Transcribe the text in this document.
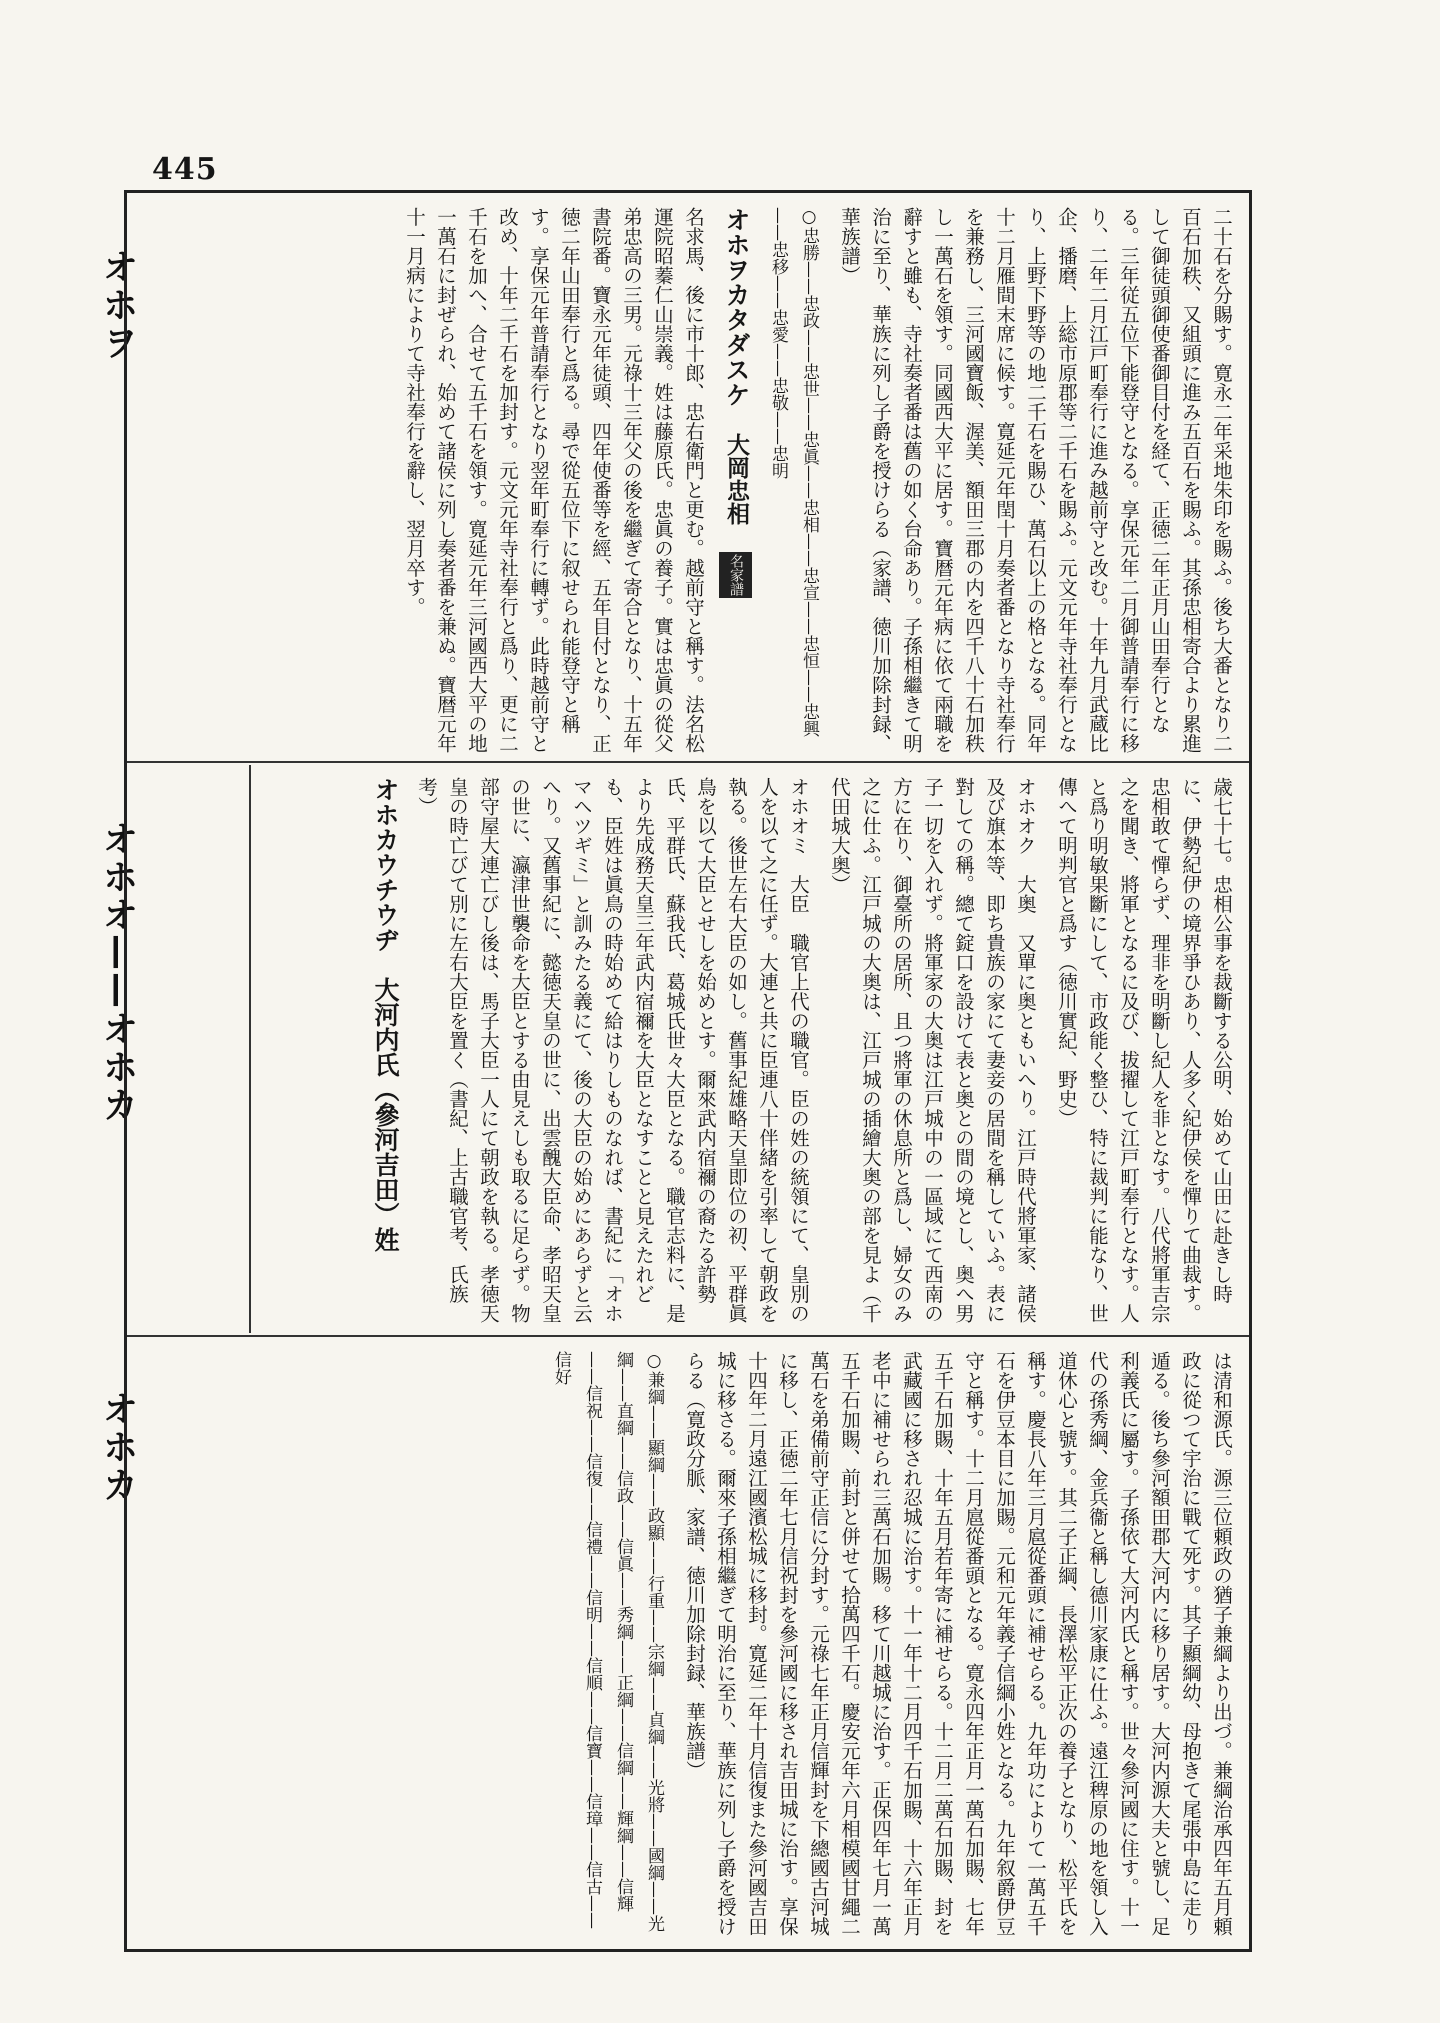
445
オホヲ
オホオ——オホカ
オホカ

二十石を分賜す。寛永二年采地朱印を賜ふ。後ち大番となり二百石加秩、又組頭に進み五百石を賜ふ。其孫忠相寄合より累進して御徒頭御使番御目付を経て、正徳二年正月山田奉行となる。三年従五位下能登守となる。享保元年二月御普請奉行に移り、二年二月江戸町奉行に進み越前守と改む。十年九月武蔵比企、播磨、上総市原郡等二千石を賜ふ。元文元年寺社奉行となり、上野下野等の地二千石を賜ひ、萬石以上の格となる。同年十二月雁間末席に候す。寛延元年閏十月奏者番となり寺社奉行を兼務し、三河國寶飯、渥美、額田三郡の内を四千八十石加秩し一萬石を領す。同國西大平に居す。寶暦元年病に依て兩職を辭すと雖も、寺社奏者番は舊の如く台命あり。子孫相繼きて明治に至り、華族に列し子爵を授けらる（家譜、徳川加除封録、華族譜）

○忠勝——忠政——忠世——忠眞——忠相——忠宣——忠恒——忠興——忠移——忠愛——忠敬——忠明

オホヲカタダスケ　 大岡忠相　 名家譜

名求馬、後に市十郎、忠右衛門と更む。越前守と稱す。法名松運院昭蓁仁山崇義。姓は藤原氏。忠眞の養子。實は忠眞の從父弟忠高の三男。元祿十三年父の後を繼ぎて寄合となり、十五年書院番。寶永元年徒頭、四年使番等を經、五年目付となり、正徳二年山田奉行と爲る。尋で從五位下に叙せられ能登守と稱す。享保元年普請奉行となり翌年町奉行に轉ず。此時越前守と改め、十年二千石を加封す。元文元年寺社奉行と爲り、更に二千石を加へ、合せて五千石を領す。寛延元年三河國西大平の地一萬石に封ぜられ、始めて諸侯に列し奏者番を兼ぬ。寶暦元年十一月病によりて寺社奉行を辭し、翌月卒す。

歳七十七。忠相公事を裁斷する公明、始めて山田に赴きし時に、伊勢紀伊の境界爭ひあり、人多く紀伊侯を憚りて曲裁す。忠相敢て憚らず、理非を明斷し紀人を非となす。八代將軍吉宗之を聞き、將軍となるに及び、拔擢して江戸町奉行となす。人と爲り明敏果斷にして、市政能く整ひ、特に裁判に能なり、世傳へて明判官と爲す（徳川實紀、野史）

オホオク　大奥　又單に奥ともいへり。江戸時代將軍家、諸侯及び旗本等、即ち貴族の家にて妻妾の居間を稱していふ。表に對しての稱。總て錠口を設けて表と奥との間の境とし、奥へ男子一切を入れず。將軍家の大奥は江戸城中の一區域にて西南の方に在り、御臺所の居所、且つ將軍の休息所と爲し、婦女のみ之に仕ふ。江戸城の大奥は、江戸城の插繪大奥の部を見よ（千代田城大奥）

オホオミ　大臣　職官上代の職官。臣の姓の統領にて、皇別の人を以て之に任ず。大連と共に臣連八十伴緒を引率して朝政を執る。後世左右大臣の如し。舊事紀雄略天皇即位の初、平群眞鳥を以て大臣とせしを始めとす。爾來武内宿禰の裔たる許勢氏、平群氏、蘇我氏、葛城氏世々大臣となる。職官志料に、是より先成務天皇三年武内宿禰を大臣となすことと見えたれども、臣姓は眞鳥の時始めて給はりしものなれば、書紀に「オホマヘツギミ」と訓みたる義にて、後の大臣の始めにあらずと云へり。又舊事紀に、懿徳天皇の世に、出雲醜大臣命、孝昭天皇の世に、瀛津世襲命を大臣とする由見えしも取るに足らず。物部守屋大連亡びし後は、馬子大臣一人にて朝政を執る。孝徳天皇の時亡びて別に左右大臣を置く（書紀、上古職官考、氏族考）

オホカウチウヂ　大河内氏（參河吉田）姓

は清和源氏。源三位頼政の猶子兼綱より出づ。兼綱治承四年五月頼政に從つて宇治に戰て死す。其子顯綱幼、母抱きて尾張中島に走り遁る。後ち參河額田郡大河内に移り居す。大河内源大夫と號し、足利義氏に屬す。子孫依て大河内氏と稱す。世々參河國に住す。十一代の孫秀綱、金兵衞と稱し德川家康に仕ふ。遠江稗原の地を領し入道休心と號す。其二子正綱、長澤松平正次の養子となり、松平氏を稱す。慶長八年三月扈從番頭に補せらる。九年功によりて一萬五千石を伊豆本目に加賜。元和元年義子信綱小姓となる。九年叙爵伊豆守と稱す。十二月扈從番頭となる。寛永四年正月一萬石加賜、七年五千石加賜、十年五月若年寄に補せらる。十二月二萬石加賜、封を武藏國に移され忍城に治す。十一年十二月四千石加賜、十六年正月老中に補せられ三萬石加賜。移て川越城に治す。正保四年七月一萬五千石加賜、前封と併せて拾萬四千石。慶安元年六月相模國甘繩二萬石を弟備前守正信に分封す。元祿七年正月信輝封を下總國古河城に移し、正徳二年七月信祝封を參河國に移され吉田城に治す。享保十四年二月遠江國濱松城に移封。寛延二年十月信復また參河國吉田城に移さる。爾來子孫相繼ぎて明治に至り、華族に列し子爵を授けらる（寛政分脈、家譜、徳川加除封録、華族譜）

○兼綱——顯綱——政顯——行重——宗綱——貞綱——光將——國綱——光綱——直綱——信政——信眞——秀綱——正綱——信綱——輝綱——信輝——信祝——信復——信禮——信明——信順——信寶——信璋——信古——信好
